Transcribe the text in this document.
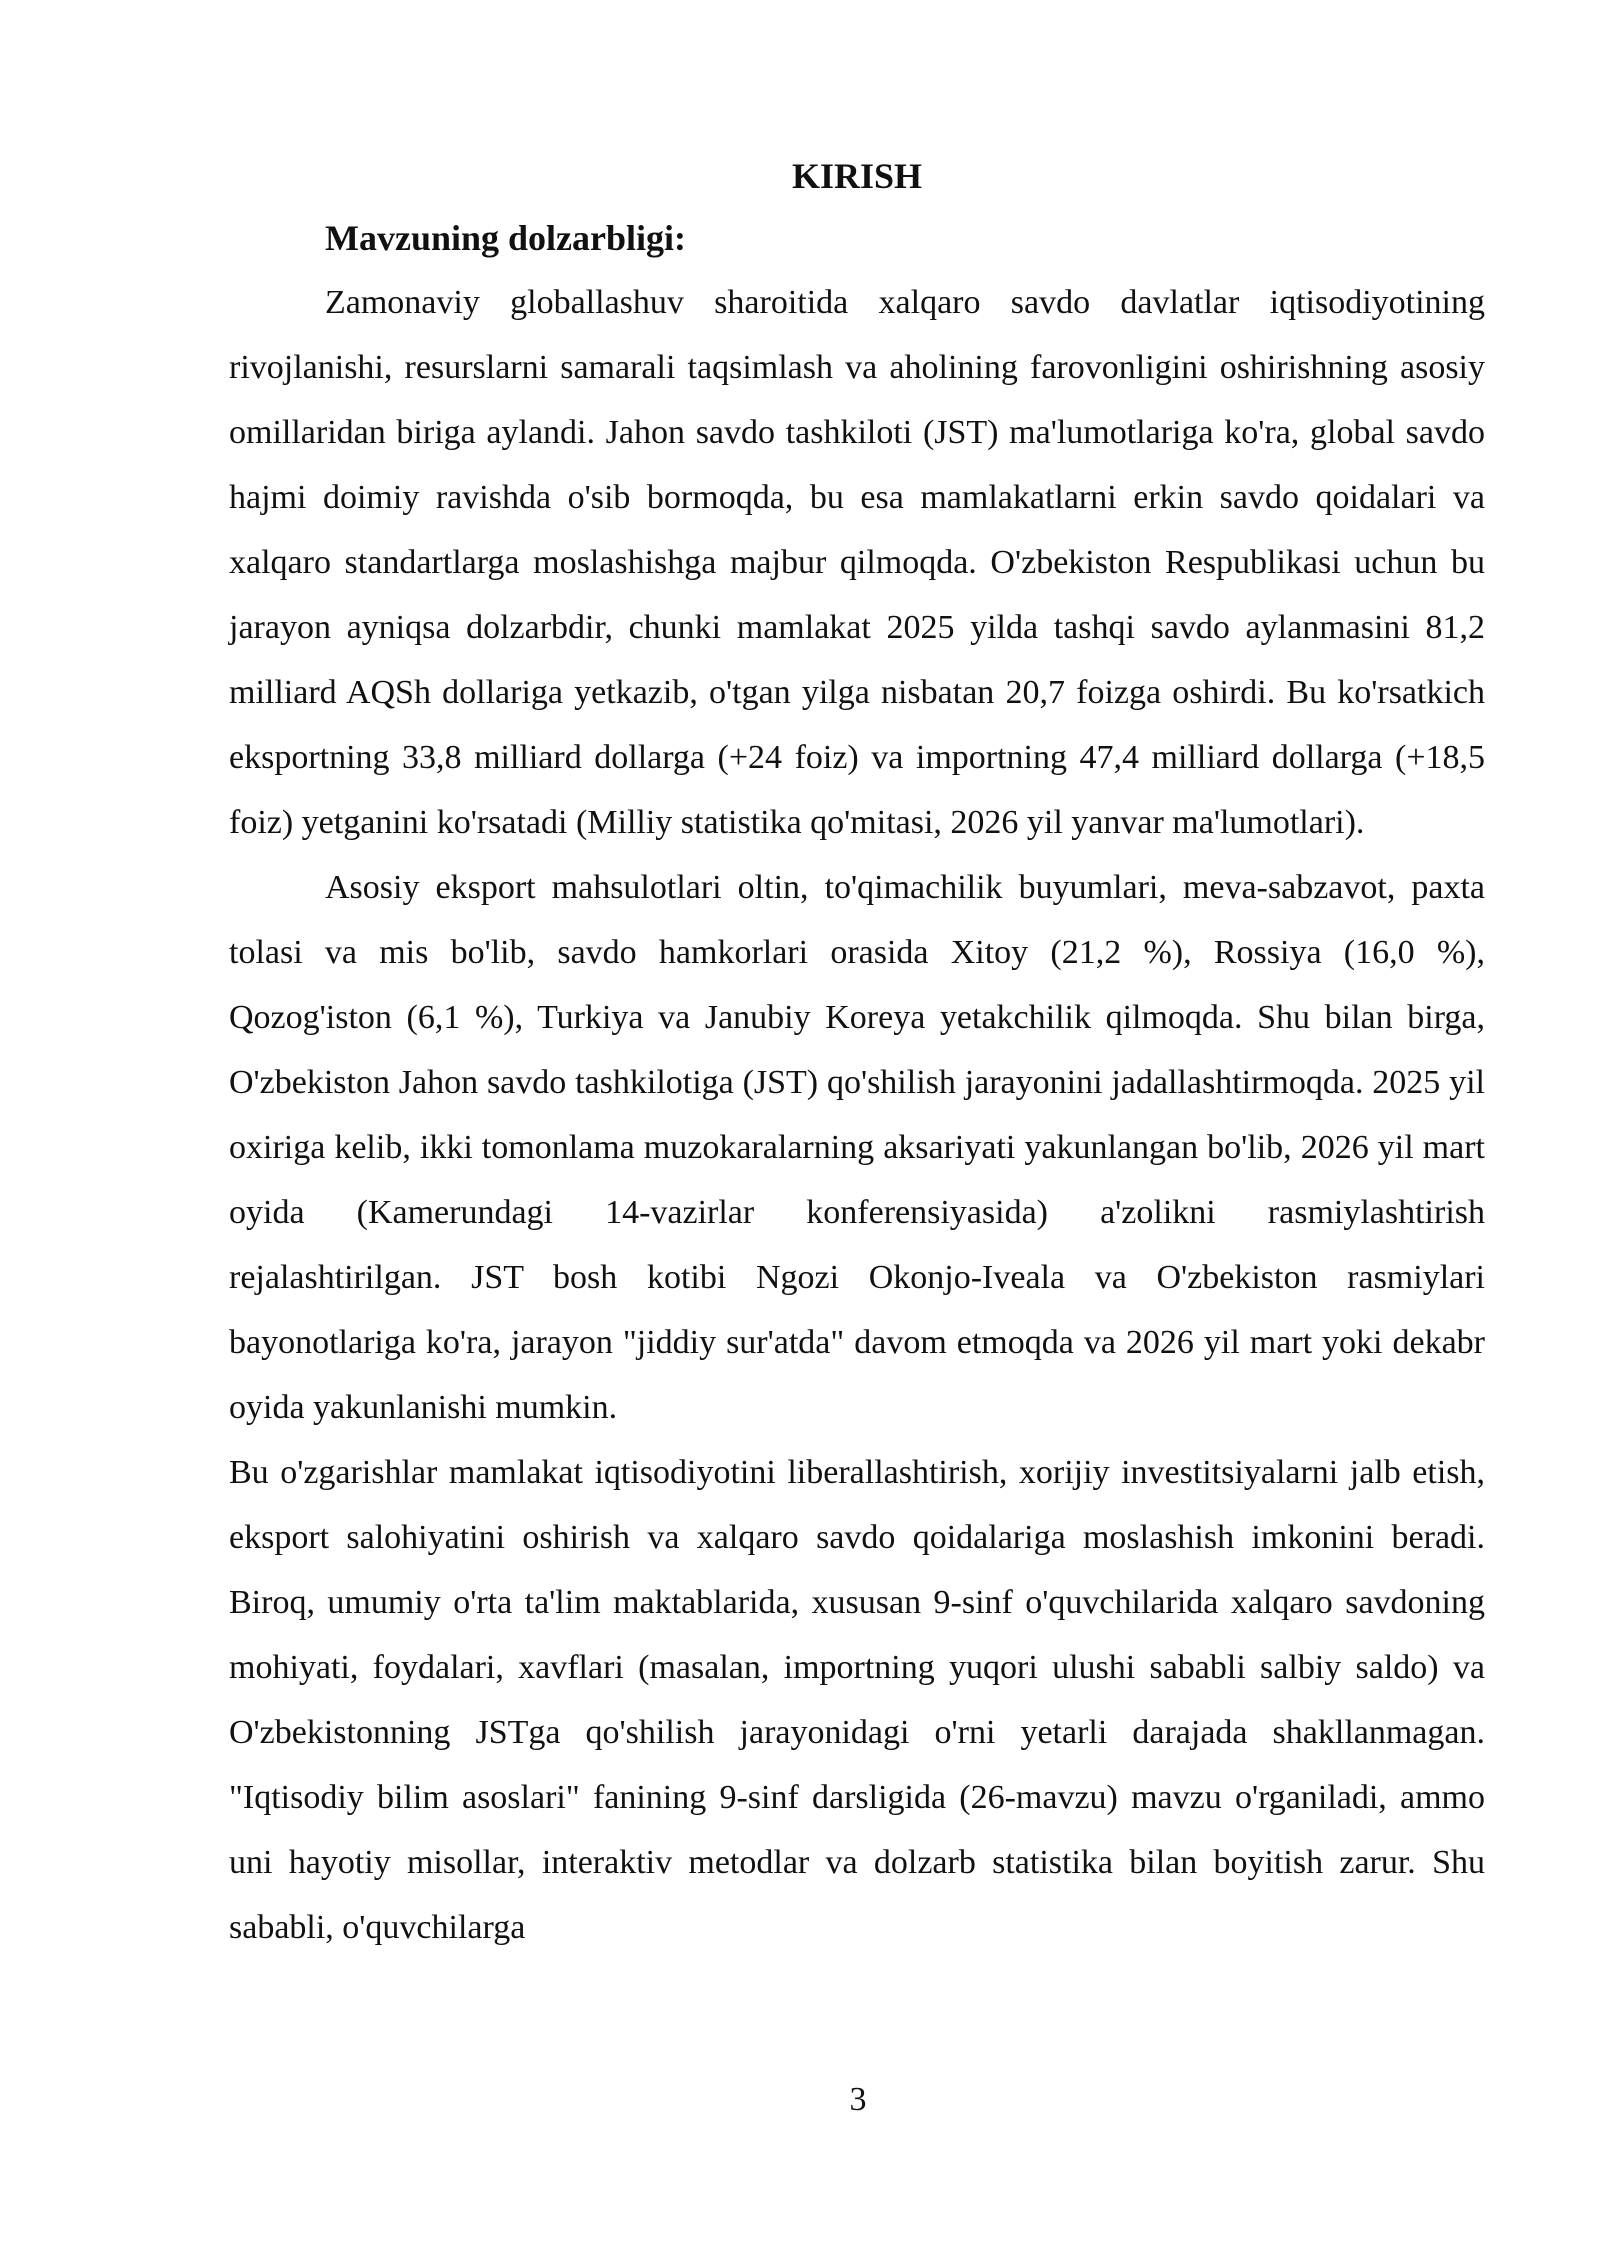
KIRISH
Mavzuning dolzarbligi:

Zamonaviy globallashuv sharoitida xalqaro savdo davlatlar iqtisodiyotining rivojlanishi, resurslarni samarali taqsimlash va aholining farovonligini oshirishning asosiy omillaridan biriga aylandi. Jahon savdo tashkiloti (JST) ma'lumotlariga ko'ra, global savdo hajmi doimiy ravishda o'sib bormoqda, bu esa mamlakatlarni erkin savdo qoidalari va xalqaro standartlarga moslashishga majbur qilmoqda. O'zbekiston Respublikasi uchun bu jarayon ayniqsa dolzarbdir, chunki mamlakat 2025 yilda tashqi savdo aylanmasini 81,2 milliard AQSh dollariga yetkazib, o'tgan yilga nisbatan 20,7 foizga oshirdi. Bu ko'rsatkich eksportning 33,8 milliard dollarga (+24 foiz) va importning 47,4 milliard dollarga (+18,5 foiz) yetganini ko'rsatadi (Milliy statistika qo'mitasi, 2026 yil yanvar ma'lumotlari).

Asosiy eksport mahsulotlari oltin, to'qimachilik buyumlari, meva-sabzavot, paxta tolasi va mis bo'lib, savdo hamkorlari orasida Xitoy (21,2 %), Rossiya (16,0 %), Qozog'iston (6,1 %), Turkiya va Janubiy Koreya yetakchilik qilmoqda. Shu bilan birga, O'zbekiston Jahon savdo tashkilotiga (JST) qo'shilish jarayonini jadallashtirmoqda. 2025 yil oxiriga kelib, ikki tomonlama muzokaralarning aksariyati yakunlangan bo'lib, 2026 yil mart oyida (Kamerundagi 14-vazirlar konferensiyasida) a'zolikni rasmiylashtirish rejalashtirilgan. JST bosh kotibi Ngozi Okonjo-Iveala va O'zbekiston rasmiylari bayonotlariga ko'ra, jarayon "jiddiy sur'atda" davom etmoqda va 2026 yil mart yoki dekabr oyida yakunlanishi mumkin.

Bu o'zgarishlar mamlakat iqtisodiyotini liberallashtirish, xorijiy investitsiyalarni jalb etish, eksport salohiyatini oshirish va xalqaro savdo qoidalariga moslashish imkonini beradi. Biroq, umumiy o'rta ta'lim maktablarida, xususan 9-sinf o'quvchilarida xalqaro savdoning mohiyati, foydalari, xavflari (masalan, importning yuqori ulushi sababli salbiy saldo) va O'zbekistonning JSTga qo'shilish jarayonidagi o'rni yetarli darajada shakllanmagan. "Iqtisodiy bilim asoslari" fanining 9-sinf darsligida (26-mavzu) mavzu o'rganiladi, ammo uni hayotiy misollar, interaktiv metodlar va dolzarb statistika bilan boyitish zarur. Shu sababli, o'quvchilarga

3
